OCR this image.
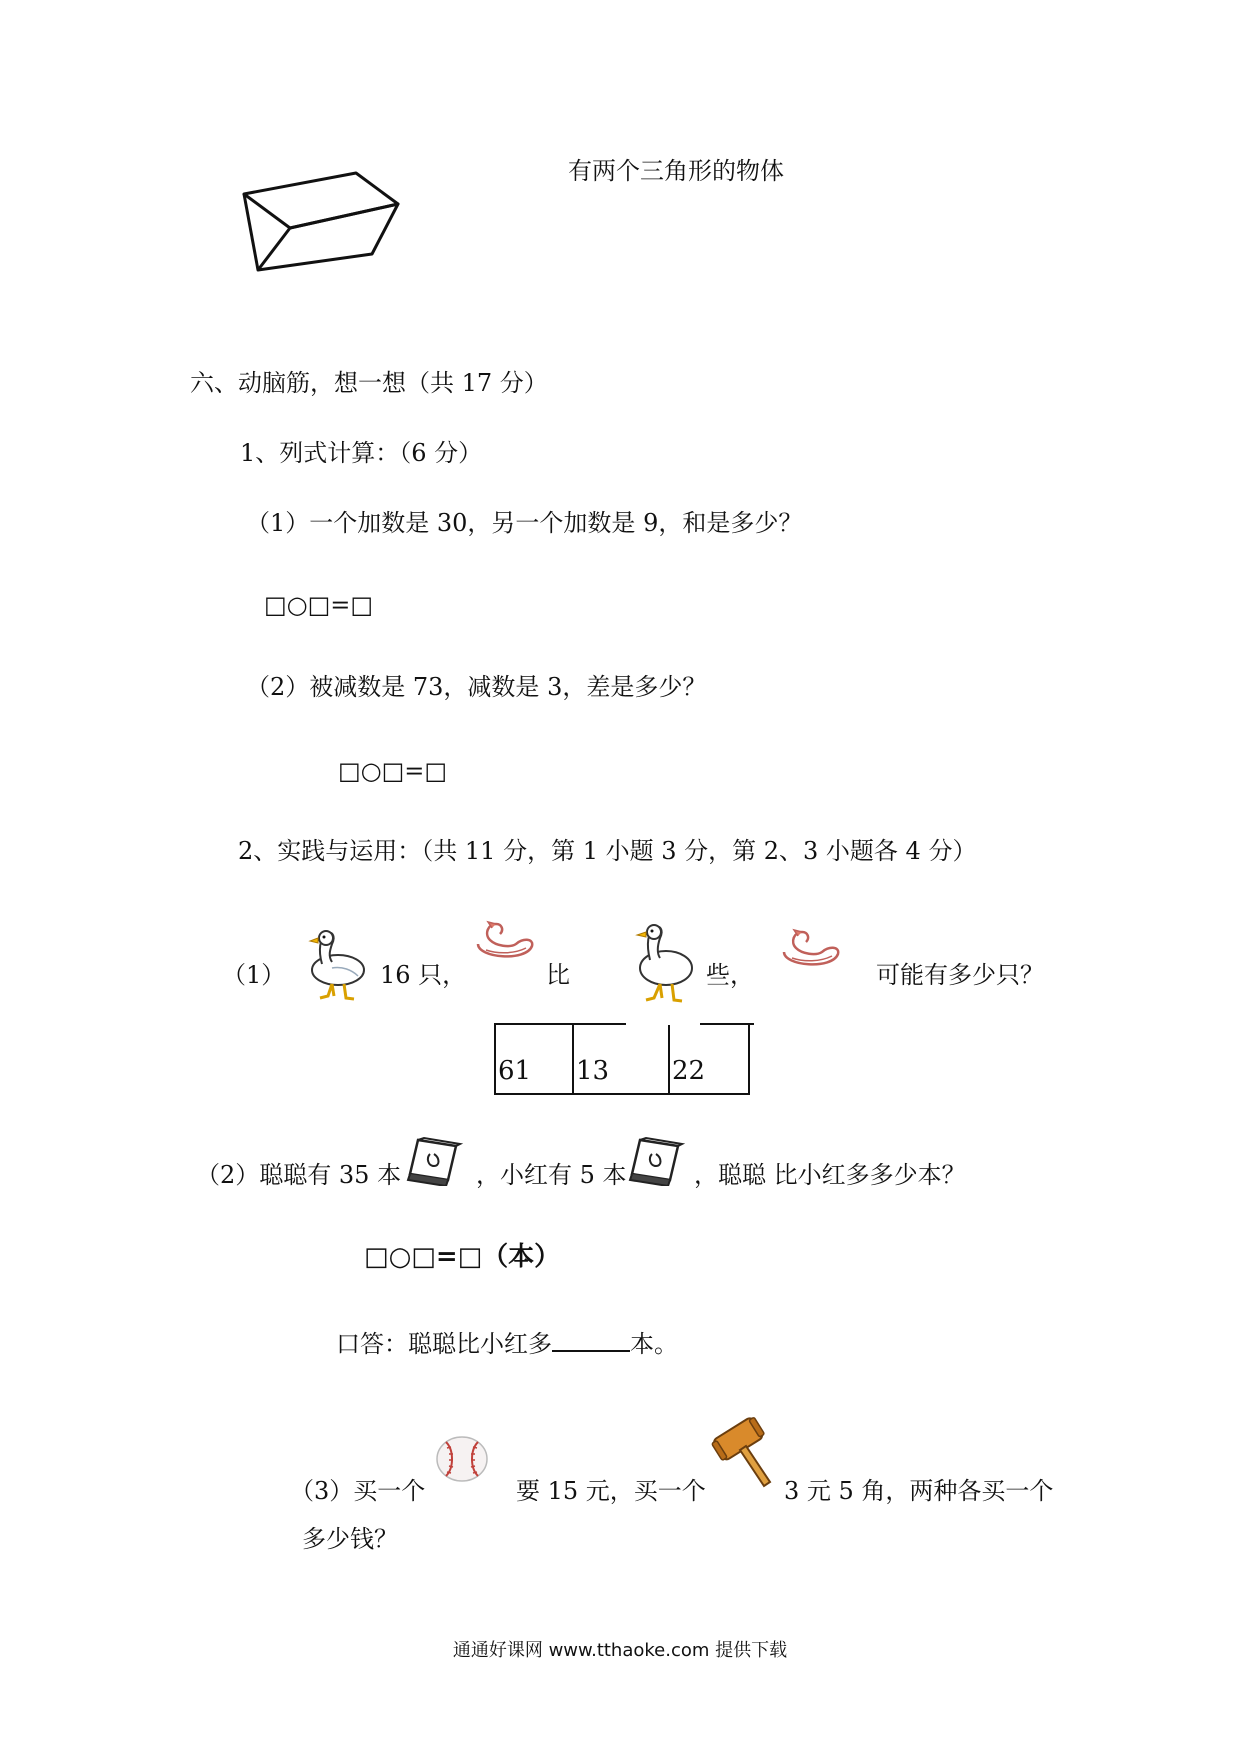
有两个三角形的物体
六、动脑筋，想一想（共 17 分）
1、列式计算：（6 分）
（1）一个加数是 30，另一个加数是 9，和是多少？
□○□=□
（2）被减数是 73，减数是 3，差是多少？
□○□=□
2、实践与运用：（共 11 分，第 1 小题 3 分，第 2、3 小题各 4 分）
（1）	16 只，	比	些，	可能有多少只？
61	13	22
（2）聪聪有 35 本	，小红有 5 本	，聪聪 比小红多多少本？
□○□=□（本）
口答：聪聪比小红多	本。
（3）买一个	要 15 元，买一个	3 元 5 角，两种各买一个
多少钱？
通通好课网 www.tthaoke.com 提供下载
